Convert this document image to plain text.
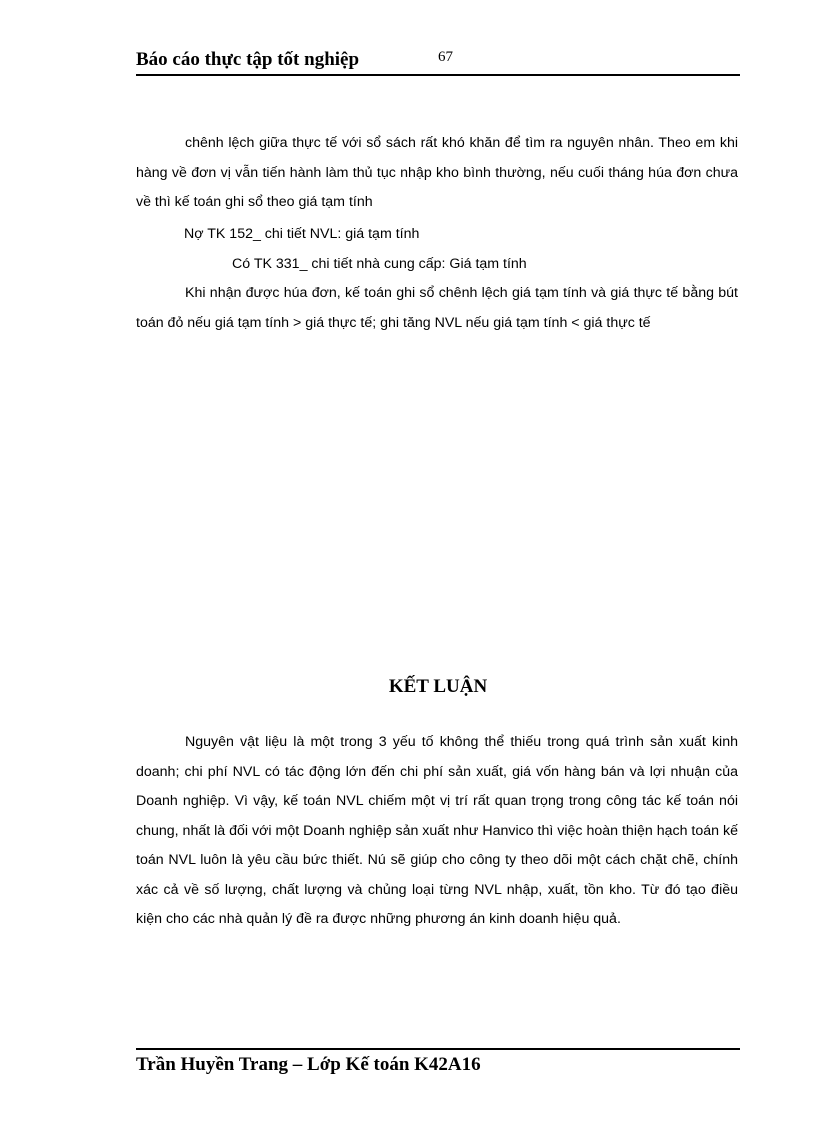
Báo cáo thực tập tốt nghiệp	67

chênh lệch giữa thực tế với sổ sách rất khó khăn để tìm ra nguyên nhân. Theo em khi hàng về đơn vị vẫn tiến hành làm thủ tục nhập kho bình thường, nếu cuối tháng húa đơn chưa về thì kế toán ghi sổ theo giá tạm tính

Nợ TK 152_ chi tiết NVL: giá tạm tính

Có TK 331_ chi tiết nhà cung cấp: Giá tạm tính

Khi nhận được húa đơn, kế toán ghi sổ chênh lệch giá tạm tính và giá thực tế bằng bút toán đỏ nếu giá tạm tính > giá thực tế; ghi tăng NVL nếu giá tạm tính < giá thực tế

KẾT LUẬN

Nguyên vật liệu là một trong 3 yếu tố không thể thiếu trong quá trình sản xuất kinh doanh; chi phí NVL có tác động lớn đến chi phí sản xuất, giá vốn hàng bán và lợi nhuận của Doanh nghiệp. Vì vậy, kế toán NVL chiếm một vị trí rất quan trọng trong công tác kế toán nói chung, nhất là đối với một Doanh nghiệp sản xuất như Hanvico thì việc hoàn thiện hạch toán kế toán NVL luôn là yêu cầu bức thiết. Nú sẽ giúp cho công ty theo dõi một cách chặt chẽ, chính xác cả về số lượng, chất lượng và chủng loại từng NVL nhập, xuất, tồn kho. Từ đó tạo điều kiện cho các nhà quản lý đề ra được những phương án kinh doanh hiệu quả.

Trần Huyền Trang – Lớp Kế toán K42A16
